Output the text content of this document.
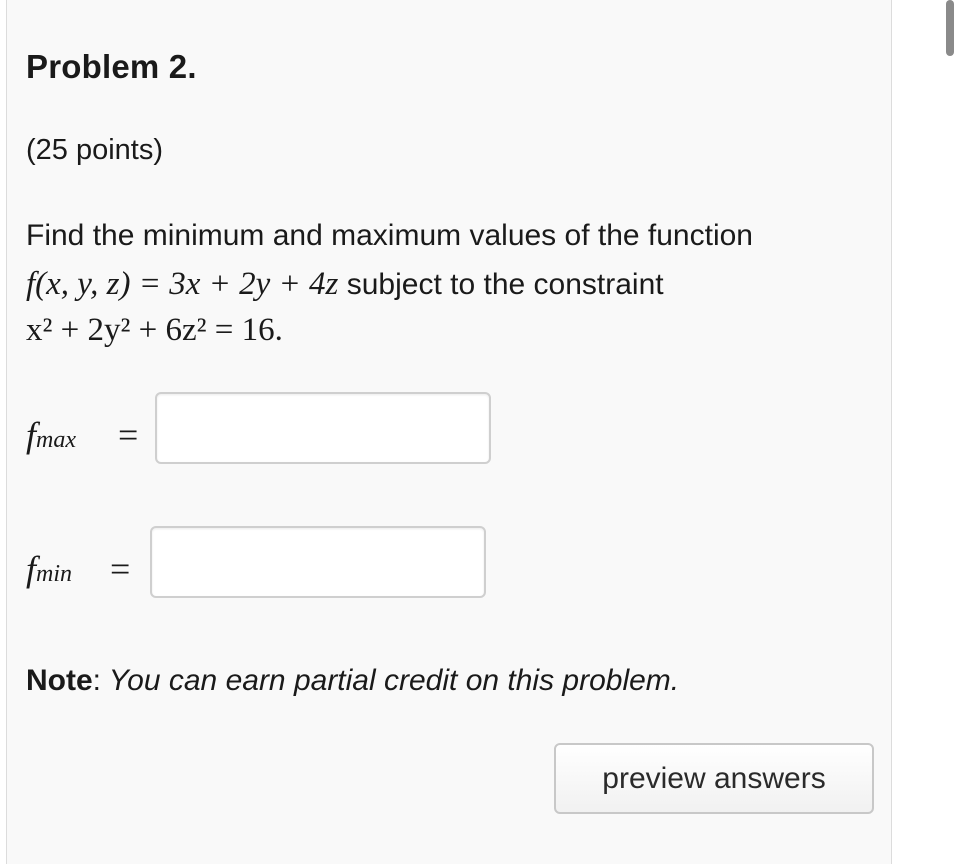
Problem 2.
(25 points)
Find the minimum and maximum values of the function
f(x, y, z) = 3x + 2y + 4z subject to the constraint
x² + 2y² + 6z² = 16.
fmax =
fmin =
Note: You can earn partial credit on this problem.
preview answers
